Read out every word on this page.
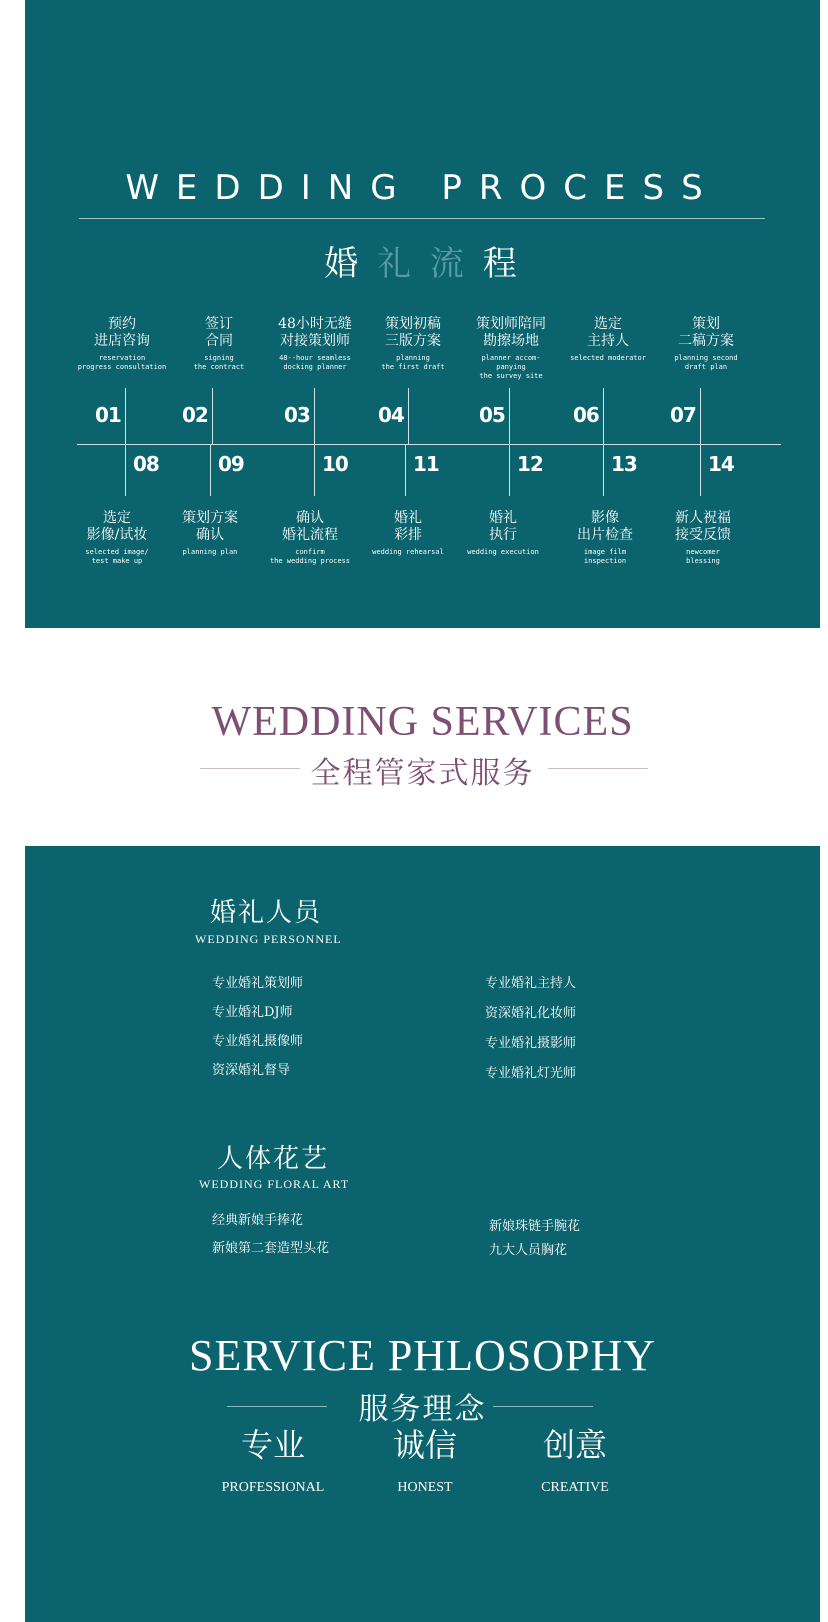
WEDDING PROCESS
婚 礼 流 程
预约
进店咨询
reservation
progress consultation
01
签订
合同
signing
the contract
02
48小时无缝
对接策划师
48--hour seamless
docking planner
03
策划初稿
三版方案
planning
the first draft
04
策划师陪同
勘擦场地
planner accom-
panying
the survey site
05
选定
主持人
selected moderator
06
策划
二稿方案
planning second
draft plan
07
08
选定
影像/试妆
selected image/
test make up
09
策划方案
确认
planning plan
10
确认
婚礼流程
confirm
the wedding process
11
婚礼
彩排
wedding rehearsal
12
婚礼
执行
wedding execution
13
影像
出片检查
image film
inspection
14
新人祝福
接受反馈
newcomer
blessing
WEDDING SERVICES
全程管家式服务
婚礼人员
WEDDING PERSONNEL
专业婚礼策划师
专业婚礼DJ师
专业婚礼摄像师
资深婚礼督导
专业婚礼主持人
资深婚礼化妆师
专业婚礼摄影师
专业婚礼灯光师
人体花艺
WEDDING FLORAL ART
经典新娘手捧花
新娘第二套造型头花
新娘珠链手腕花
九大人员胸花
SERVICE PHLOSOPHY
服务理念
专业
PROFESSIONAL
诚信
HONEST
创意
CREATIVE
